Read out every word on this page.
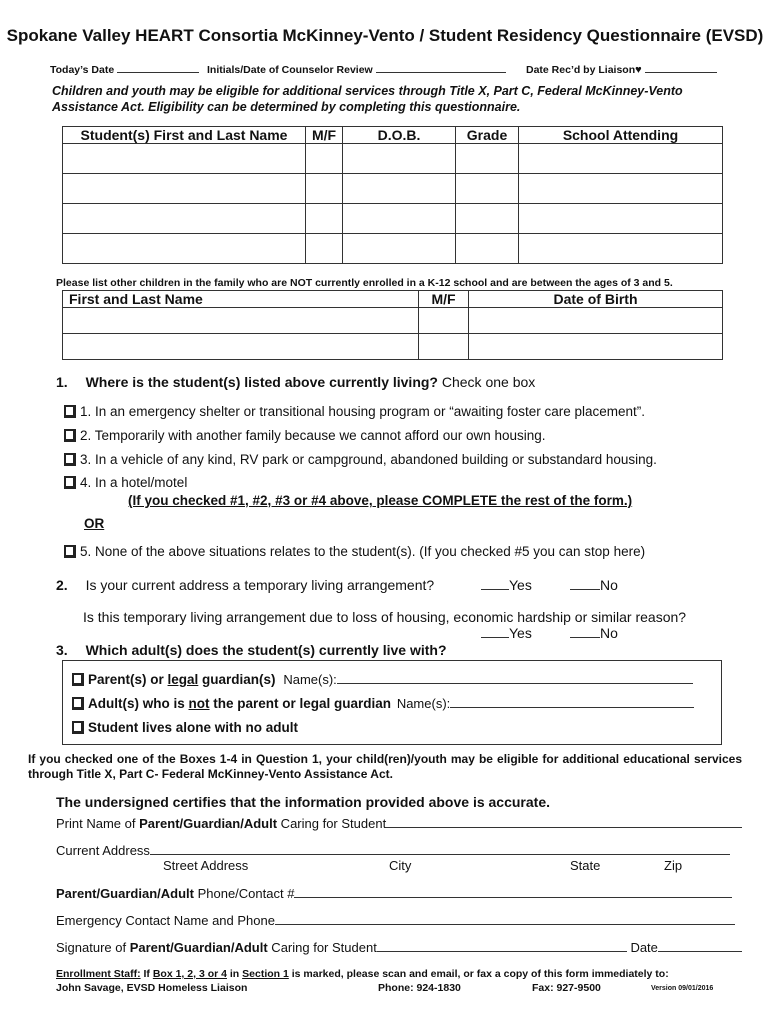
Spokane Valley HEART Consortia McKinney-Vento / Student Residency Questionnaire (EVSD)
Today’s Date	Initials/Date of Counselor Review	Date Rec’d by Liaison♥
Children and youth may be eligible for additional services through Title X, Part C, Federal McKinney-Vento Assistance Act. Eligibility can be determined by completing this questionnaire.
Student(s) First and Last Name	M/F	D.O.B.	Grade	School Attending

Please list other children in the family who are NOT currently enrolled in a K-12 school and are between the ages of 3 and 5.
First and Last Name	M/F	Date of Birth

1. Where is the student(s) listed above currently living? Check one box
1. In an emergency shelter or transitional housing program or “awaiting foster care placement”.
2. Temporarily with another family because we cannot afford our own housing.
3. In a vehicle of any kind, RV park or campground, abandoned building or substandard housing.
4. In a hotel/motel
(If you checked #1, #2, #3 or #4 above, please COMPLETE the rest of the form.)
OR
5. None of the above situations relates to the student(s). (If you checked #5 you can stop here)
2. Is your current address a temporary living arrangement?	Yes	No
Is this temporary living arrangement due to loss of housing, economic hardship or similar reason?
Yes	No
3. Which adult(s) does the student(s) currently live with?
Parent(s) or legal guardian(s) Name(s):
Adult(s) who is not the parent or legal guardian Name(s):
Student lives alone with no adult
If you checked one of the Boxes 1-4 in Question 1, your child(ren)/youth may be eligible for additional educational services through Title X, Part C- Federal McKinney-Vento Assistance Act.
The undersigned certifies that the information provided above is accurate.
Print Name of Parent/Guardian/Adult Caring for Student
Current Address
Street Address	City	State	Zip
Parent/Guardian/Adult Phone/Contact #
Emergency Contact Name and Phone
Signature of Parent/Guardian/Adult Caring for Student	Date
Enrollment Staff: If Box 1, 2, 3 or 4 in Section 1 is marked, please scan and email, or fax a copy of this form immediately to:
John Savage, EVSD Homeless Liaison	Phone: 924-1830	Fax: 927-9500	Version 09/01/2016
